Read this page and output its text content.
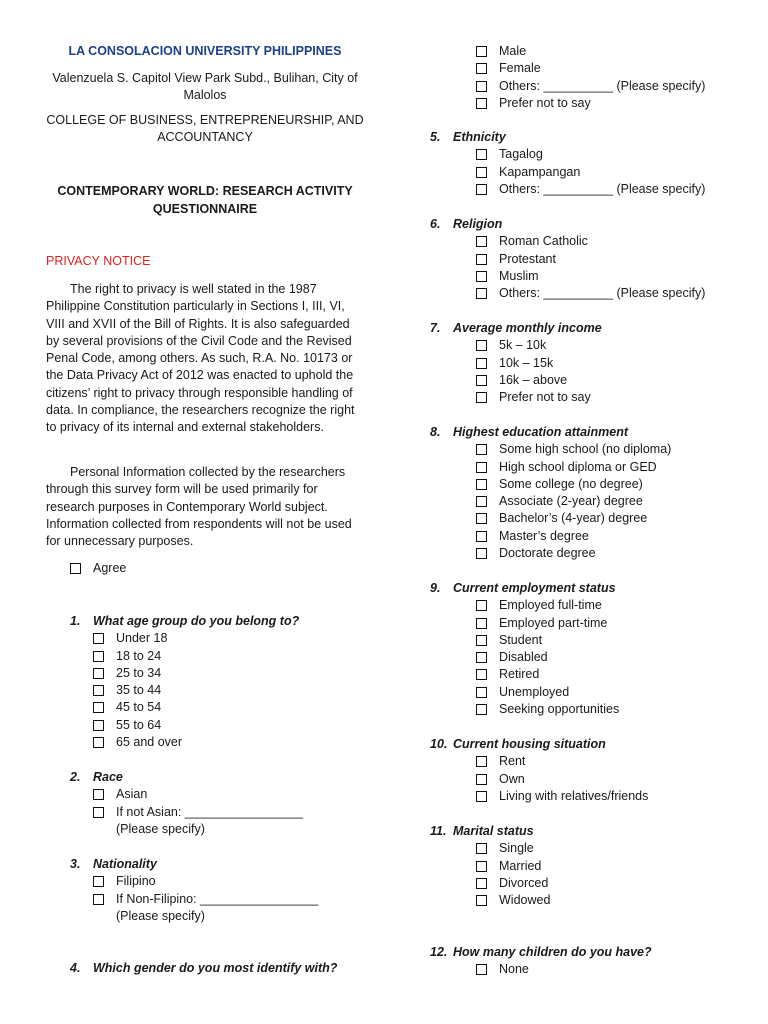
LA CONSOLACION UNIVERSITY PHILIPPINES
Valenzuela S. Capitol View Park Subd., Bulihan, City of Malolos
COLLEGE OF BUSINESS, ENTREPRENEURSHIP, AND ACCOUNTANCY
CONTEMPORARY WORLD: RESEARCH ACTIVITY QUESTIONNAIRE
PRIVACY NOTICE
The right to privacy is well stated in the 1987 Philippine Constitution particularly in Sections I, III, VI, VIII and XVII of the Bill of Rights. It is also safeguarded by several provisions of the Civil Code and the Revised Penal Code, among others. As such, R.A. No. 10173 or the Data Privacy Act of 2012 was enacted to uphold the citizens’ right to privacy through responsible handling of data. In compliance, the researchers recognize the right to privacy of its internal and external stakeholders.
Personal Information collected by the researchers through this survey form will be used primarily for research purposes in Contemporary World subject. Information collected from respondents will not be used for unnecessary purposes.
Agree
1. What age group do you belong to?
Under 18
18 to 24
25 to 34
35 to 44
45 to 54
55 to 64
65 and over
2. Race
Asian
If not Asian: _________________
(Please specify)
3. Nationality
Filipino
If Non-Filipino: _________________
(Please specify)
4. Which gender do you most identify with?
Male
Female
Others: __________ (Please specify)
Prefer not to say
5. Ethnicity
Tagalog
Kapampangan
Others: __________ (Please specify)
6. Religion
Roman Catholic
Protestant
Muslim
Others: __________ (Please specify)
7. Average monthly income
5k – 10k
10k – 15k
16k – above
Prefer not to say
8. Highest education attainment
Some high school (no diploma)
High school diploma or GED
Some college (no degree)
Associate (2-year) degree
Bachelor’s (4-year) degree
Master’s degree
Doctorate degree
9. Current employment status
Employed full-time
Employed part-time
Student
Disabled
Retired
Unemployed
Seeking opportunities
10. Current housing situation
Rent
Own
Living with relatives/friends
11. Marital status
Single
Married
Divorced
Widowed
12. How many children do you have?
None
